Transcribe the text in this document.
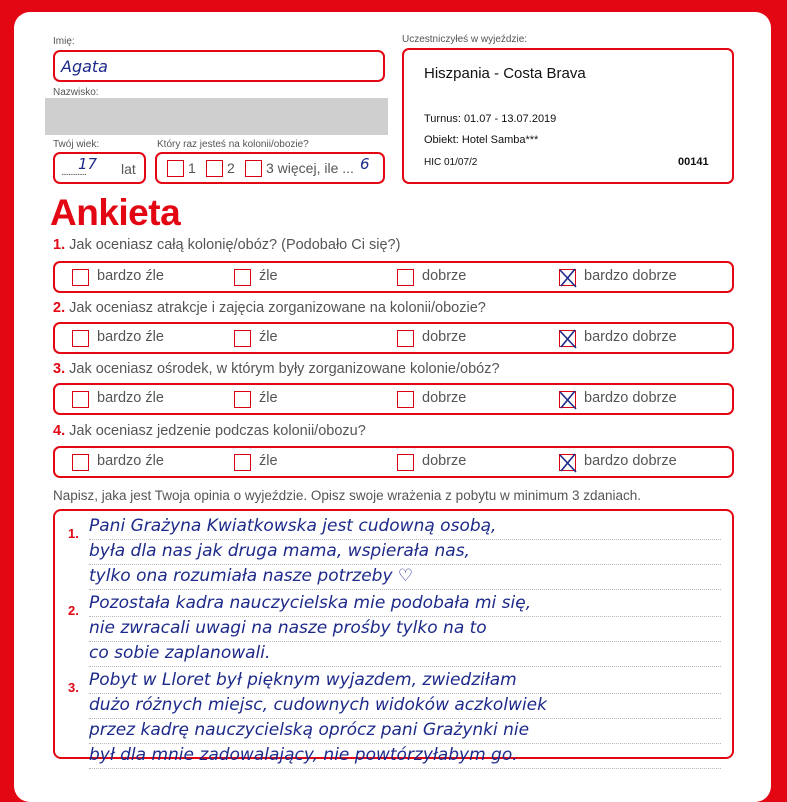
Imię:
Agata
Nazwisko:
Twój wiek:
..............
17 lat
Który raz jesteś na kolonii/obozie?
1 2 3 więcej, ile ... 6
Uczestniczyłeś w wyjeździe:
Hiszpania - Costa Brava
Turnus: 01.07 - 13.07.2019
Obiekt: Hotel Samba***
HIC 01/07/2	00141
Ankieta
1. Jak oceniasz całą kolonię/obóz? (Podobało Ci się?)
bardzo źle	źle	dobrze	bardzo dobrze
2. Jak oceniasz atrakcje i zajęcia zorganizowane na kolonii/obozie?
bardzo źle	źle	dobrze	bardzo dobrze
3. Jak oceniasz ośrodek, w którym były zorganizowane kolonie/obóz?
bardzo źle	źle	dobrze	bardzo dobrze
4. Jak oceniasz jedzenie podczas kolonii/obozu?
bardzo źle	źle	dobrze	bardzo dobrze
Napisz, jaka jest Twoja opinia o wyjeździe. Opisz swoje wrażenia z pobytu w minimum 3 zdaniach.
Pani Grażyna Kwiatkowska jest cudowną osobą,
była dla nas jak druga mama, wspierała nas,
tylko ona rozumiała nasze potrzeby ♡
Pozostała kadra nauczycielska mie podobała mi się,
nie zwracali uwagi na nasze prośby tylko na to
co sobie zaplanowali.
Pobyt w Lloret był pięknym wyjazdem, zwiedziłam
dużo różnych miejsc, cudownych widoków aczkolwiek
przez kadrę nauczycielską oprócz pani Grażynki nie
był dla mnie zadowalający, nie powtórzyłabym go.
1.
2.
3.
